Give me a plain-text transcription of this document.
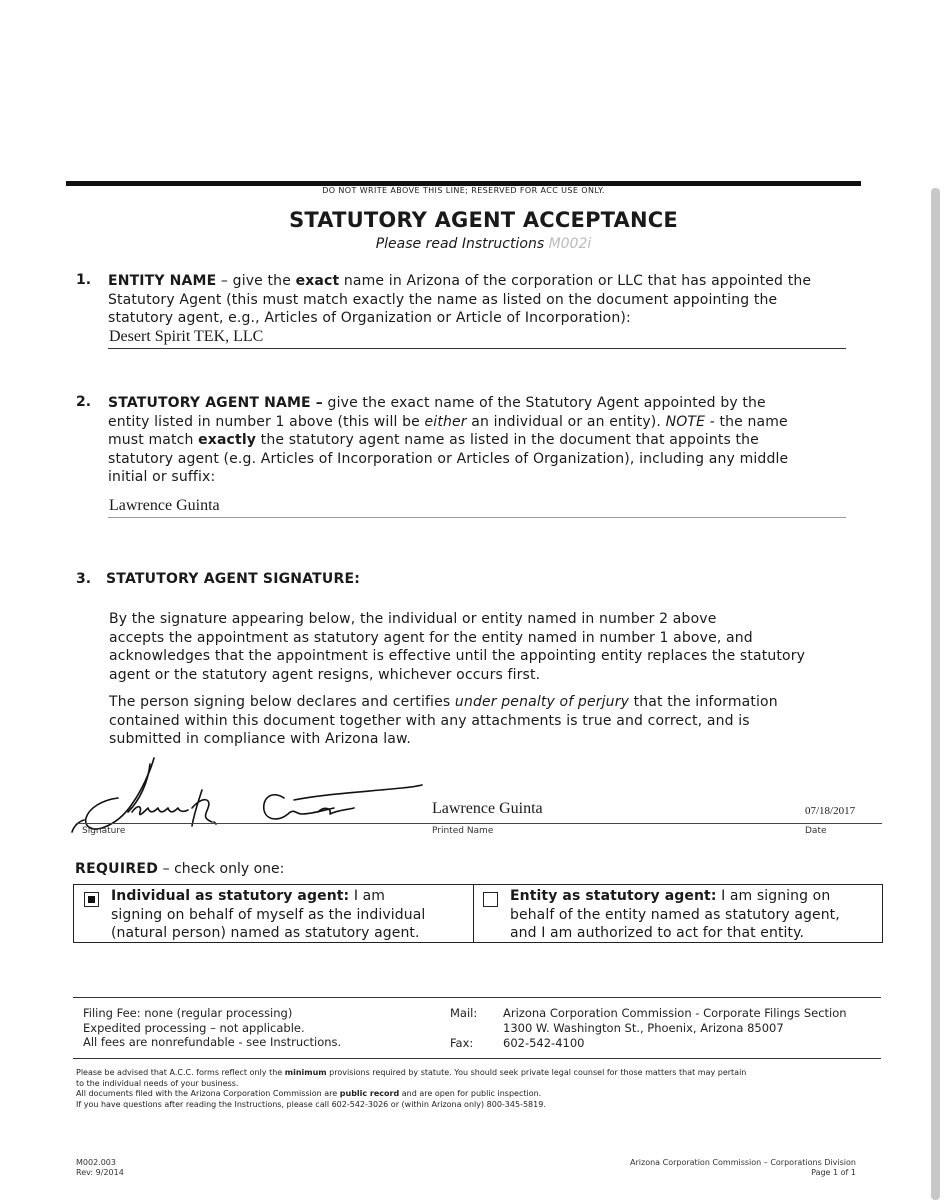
DO NOT WRITE ABOVE THIS LINE; RESERVED FOR ACC USE ONLY.
STATUTORY AGENT ACCEPTANCE
Please read Instructions M002i
1. ENTITY NAME – give the exact name in Arizona of the corporation or LLC that has appointed the
Statutory Agent (this must match exactly the name as listed on the document appointing the
statutory agent, e.g., Articles of Organization or Article of Incorporation):
Desert Spirit TEK, LLC
2. STATUTORY AGENT NAME – give the exact name of the Statutory Agent appointed by the
entity listed in number 1 above (this will be either an individual or an entity). NOTE - the name
must match exactly the statutory agent name as listed in the document that appoints the
statutory agent (e.g. Articles of Incorporation or Articles of Organization), including any middle
initial or suffix:
Lawrence Guinta
3. STATUTORY AGENT SIGNATURE:
By the signature appearing below, the individual or entity named in number 2 above
accepts the appointment as statutory agent for the entity named in number 1 above, and
acknowledges that the appointment is effective until the appointing entity replaces the statutory
agent or the statutory agent resigns, whichever occurs first.
The person signing below declares and certifies under penalty of perjury that the information
contained within this document together with any attachments is true and correct, and is
submitted in compliance with Arizona law.
Signature
Lawrence Guinta
Printed Name
07/18/2017
Date
REQUIRED – check only one:
Individual as statutory agent: I am
signing on behalf of myself as the individual
(natural person) named as statutory agent.
Entity as statutory agent: I am signing on
behalf of the entity named as statutory agent,
and I am authorized to act for that entity.
Filing Fee: none (regular processing)
Expedited processing – not applicable.
All fees are nonrefundable - see Instructions.
Mail: Arizona Corporation Commission - Corporate Filings Section
1300 W. Washington St., Phoenix, Arizona 85007
Fax:	602-542-4100
Please be advised that A.C.C. forms reflect only the minimum provisions required by statute. You should seek private legal counsel for those matters that may pertain
to the individual needs of your business.
All documents filed with the Arizona Corporation Commission are public record and are open for public inspection.
If you have questions after reading the Instructions, please call 602-542-3026 or (within Arizona only) 800-345-5819.
M002.003
Rev: 9/2014
Arizona Corporation Commission – Corporations Division
Page 1 of 1
